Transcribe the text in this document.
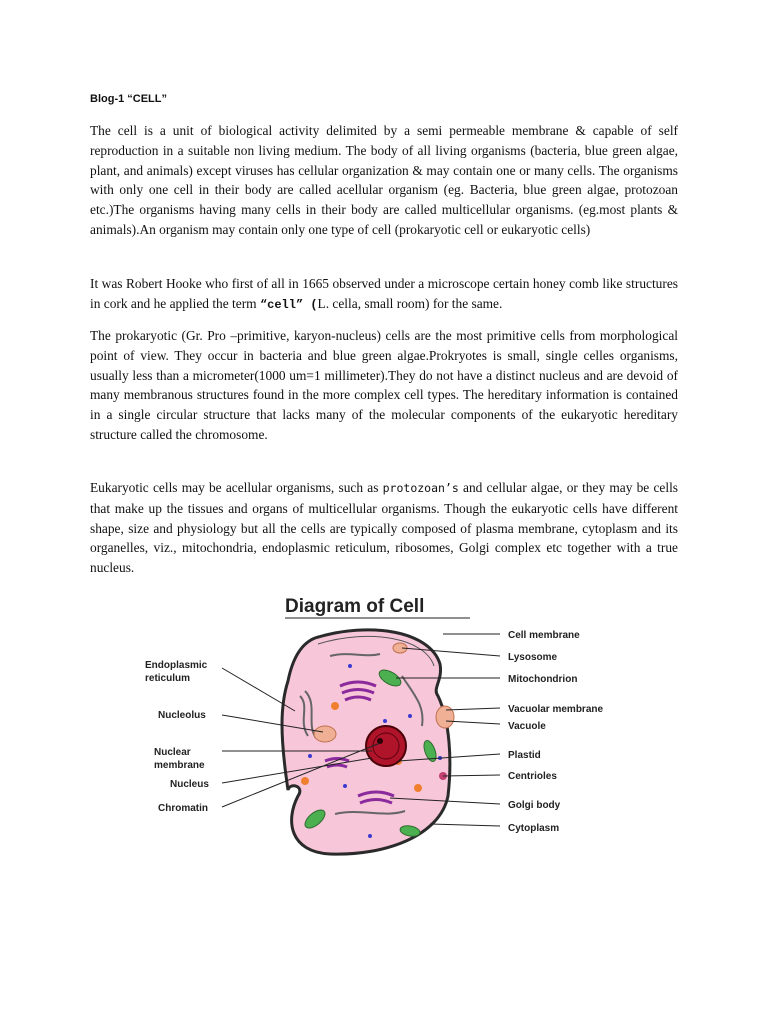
Blog-1 “CELL”

The cell is a unit of biological activity delimited by a semi permeable membrane & capable of self reproduction in a suitable non living medium. The body of all living organisms (bacteria, blue green algae, plant, and animals) except viruses has cellular organization & may contain one or many cells. The organisms with only one cell in their body are called acellular organism (eg. Bacteria, blue green algae, protozoan etc.)The organisms having many cells in their body are called multicellular organisms. (eg.most plants & animals).An organism may contain only one type of cell (prokaryotic cell or eukaryotic cells)

It was Robert Hooke who first of all in 1665 observed under a microscope certain honey comb like structures in cork and he applied the term “cell” (L. cella, small room) for the same.

The prokaryotic (Gr. Pro –primitive, karyon-nucleus) cells are the most primitive cells from morphological point of view. They occur in bacteria and blue green algae.Prokryotes is small, single celles organisms, usually less than a micrometer(1000 um=1 millimeter).They do not have a distinct nucleus and are devoid of many membranous structures found in the more complex cell types. The hereditary information is contained in a single circular structure that lacks many of the molecular components of the eukaryotic hereditary structure called the chromosome.

Eukaryotic cells may be acellular organisms, such as protozoan’s and cellular algae, or they may be cells that make up the tissues and organs of multicellular organisms. Though the eukaryotic cells have different shape, size and physiology but all the cells are typically composed of plasma membrane, cytoplasm and its organelles, viz., mitochondria, endoplasmic reticulum, ribosomes, Golgi complex etc together with a true nucleus.

Diagram of Cell
Endoplasmic
reticulum
Nucleolus
Nuclear
membrane
Nucleus
Chromatin
Cell membrane
Lysosome
Mitochondrion
Vacuolar membrane
Vacuole
Plastid
Centrioles
Golgi body
Cytoplasm
